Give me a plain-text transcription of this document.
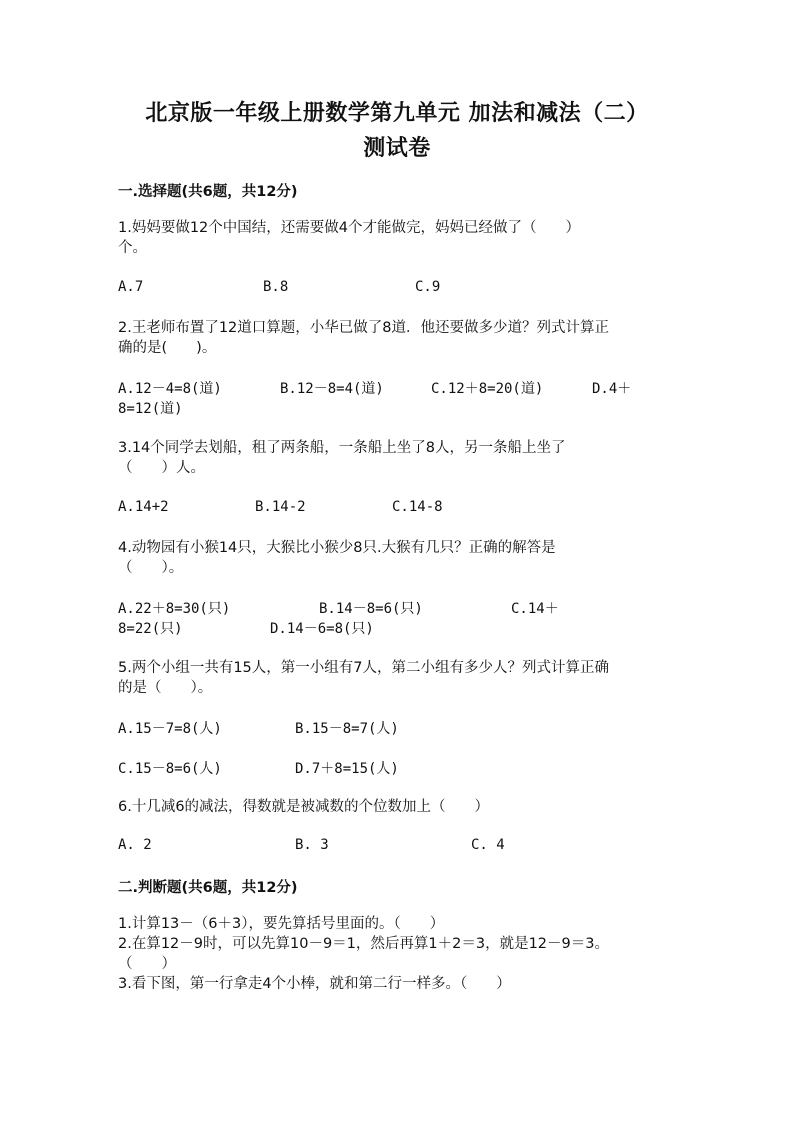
北京版一年级上册数学第九单元 加法和减法（二）
测试卷
一.选择题(共6题，共12分)
1.妈妈要做12个中国结，还需要做4个才能做完，妈妈已经做了（　　）
个。
A.7	B.8	C.9
2.王老师布置了12道口算题，小华已做了8道．他还要做多少道？列式计算正
确的是(　　)。
A.12－4=8(道)	B.12－8=4(道)	C.12＋8=20(道)	D.4＋
8=12(道)
3.14个同学去划船，租了两条船，一条船上坐了8人，另一条船上坐了
（　　）人。
A.14+2	B.14-2	C.14-8
4.动物园有小猴14只，大猴比小猴少8只.大猴有几只？正确的解答是
（　　）。
A.22＋8=30(只)	B.14－8=6(只)	C.14＋
8=22(只)	D.14－6=8(只)
5.两个小组一共有15人，第一小组有7人，第二小组有多少人？列式计算正确
的是（　　）。
A.15－7=8(人)	B.15－8=7(人)
C.15－8=6(人)	D.7＋8=15(人)
6.十几减6的减法，得数就是被减数的个位数加上（　　）
A. 2	B. 3	C. 4
二.判断题(共6题，共12分)
1.计算13－（6＋3），要先算括号里面的。（　　）
2.在算12－9时，可以先算10－9＝1，然后再算1＋2＝3，就是12－9＝3。
（　　）
3.看下图，第一行拿走4个小棒，就和第二行一样多。（　　）
